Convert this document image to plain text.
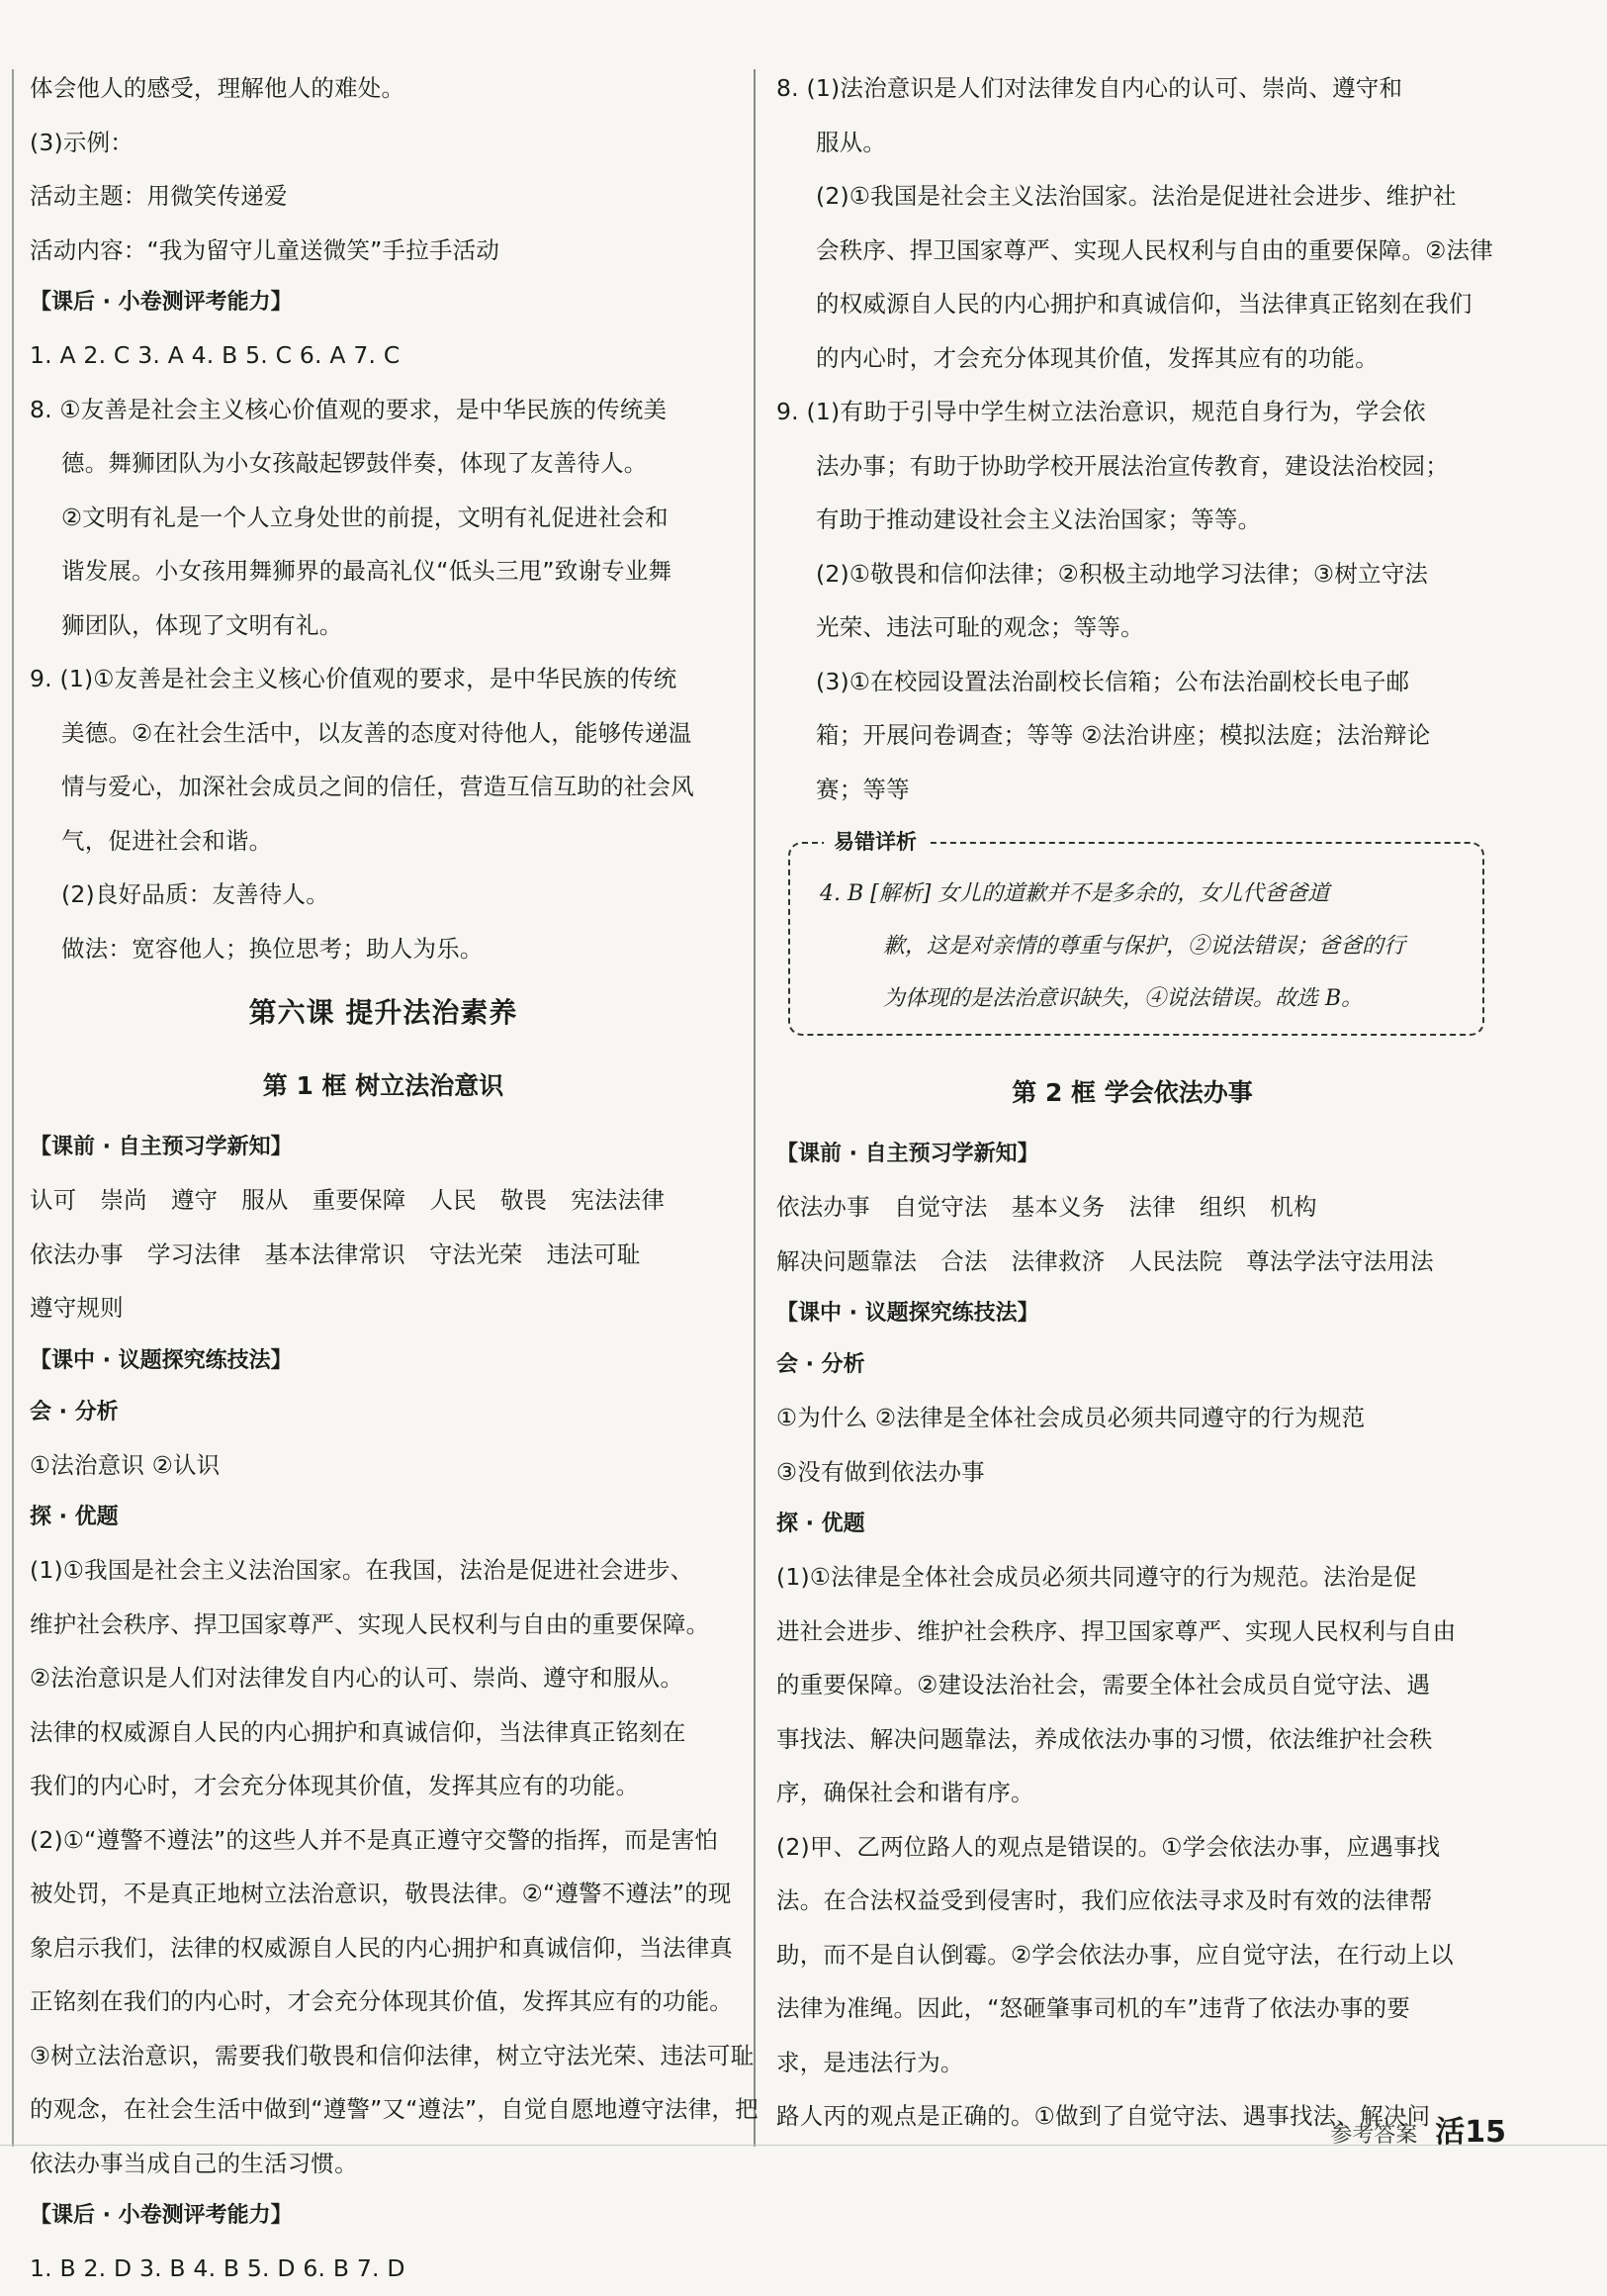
体会他人的感受，理解他人的难处。
(3)示例：
活动主题：用微笑传递爱
活动内容：“我为留守儿童送微笑”手拉手活动
【课后 · 小卷测评考能力】
1. A 2. C 3. A 4. B 5. C 6. A 7. C
8. ①友善是社会主义核心价值观的要求，是中华民族的传统美
德。舞狮团队为小女孩敲起锣鼓伴奏，体现了友善待人。
②文明有礼是一个人立身处世的前提，文明有礼促进社会和
谐发展。小女孩用舞狮界的最高礼仪“低头三甩”致谢专业舞
狮团队，体现了文明有礼。
9. (1)①友善是社会主义核心价值观的要求，是中华民族的传统
美德。②在社会生活中，以友善的态度对待他人，能够传递温
情与爱心，加深社会成员之间的信任，营造互信互助的社会风
气，促进社会和谐。
(2)良好品质：友善待人。
做法：宽容他人；换位思考；助人为乐。
第六课 提升法治素养
第 1 框 树立法治意识
【课前 · 自主预习学新知】
认可 崇尚 遵守 服从 重要保障 人民 敬畏 宪法法律
依法办事 学习法律 基本法律常识 守法光荣 违法可耻
遵守规则
【课中 · 议题探究练技法】
会 · 分析
①法治意识 ②认识
探 · 优题
(1)①我国是社会主义法治国家。在我国，法治是促进社会进步、
维护社会秩序、捍卫国家尊严、实现人民权利与自由的重要保障。
②法治意识是人们对法律发自内心的认可、崇尚、遵守和服从。
法律的权威源自人民的内心拥护和真诚信仰，当法律真正铭刻在
我们的内心时，才会充分体现其价值，发挥其应有的功能。
(2)①“遵警不遵法”的这些人并不是真正遵守交警的指挥，而是害怕
被处罚，不是真正地树立法治意识，敬畏法律。②“遵警不遵法”的现
象启示我们，法律的权威源自人民的内心拥护和真诚信仰，当法律真
正铭刻在我们的内心时，才会充分体现其价值，发挥其应有的功能。
③树立法治意识，需要我们敬畏和信仰法律，树立守法光荣、违法可耻
的观念，在社会生活中做到“遵警”又“遵法”，自觉自愿地遵守法律，把
依法办事当成自己的生活习惯。
【课后 · 小卷测评考能力】
1. B 2. D 3. B 4. B 5. D 6. B 7. D
8. (1)法治意识是人们对法律发自内心的认可、崇尚、遵守和
服从。
(2)①我国是社会主义法治国家。法治是促进社会进步、维护社
会秩序、捍卫国家尊严、实现人民权利与自由的重要保障。②法律
的权威源自人民的内心拥护和真诚信仰，当法律真正铭刻在我们
的内心时，才会充分体现其价值，发挥其应有的功能。
9. (1)有助于引导中学生树立法治意识，规范自身行为，学会依
法办事；有助于协助学校开展法治宣传教育，建设法治校园；
有助于推动建设社会主义法治国家；等等。
(2)①敬畏和信仰法律；②积极主动地学习法律；③树立守法
光荣、违法可耻的观念；等等。
(3)①在校园设置法治副校长信箱；公布法治副校长电子邮
箱；开展问卷调查；等等 ②法治讲座；模拟法庭；法治辩论
赛；等等
易错详析
4. B [解析] 女儿的道歉并不是多余的，女儿代爸爸道
歉，这是对亲情的尊重与保护，②说法错误；爸爸的行
为体现的是法治意识缺失，④说法错误。故选 B。
第 2 框 学会依法办事
【课前 · 自主预习学新知】
依法办事 自觉守法 基本义务 法律 组织 机构
解决问题靠法 合法 法律救济 人民法院 尊法学法守法用法
【课中 · 议题探究练技法】
会 · 分析
①为什么 ②法律是全体社会成员必须共同遵守的行为规范
③没有做到依法办事
探 · 优题
(1)①法律是全体社会成员必须共同遵守的行为规范。法治是促
进社会进步、维护社会秩序、捍卫国家尊严、实现人民权利与自由
的重要保障。②建设法治社会，需要全体社会成员自觉守法、遇
事找法、解决问题靠法，养成依法办事的习惯，依法维护社会秩
序，确保社会和谐有序。
(2)甲、乙两位路人的观点是错误的。①学会依法办事，应遇事找
法。在合法权益受到侵害时，我们应依法寻求及时有效的法律帮
助，而不是自认倒霉。②学会依法办事，应自觉守法，在行动上以
法律为准绳。因此，“怒砸肇事司机的车”违背了依法办事的要
求，是违法行为。
路人丙的观点是正确的。①做到了自觉守法、遇事找法、解决问
参考答案 活15
